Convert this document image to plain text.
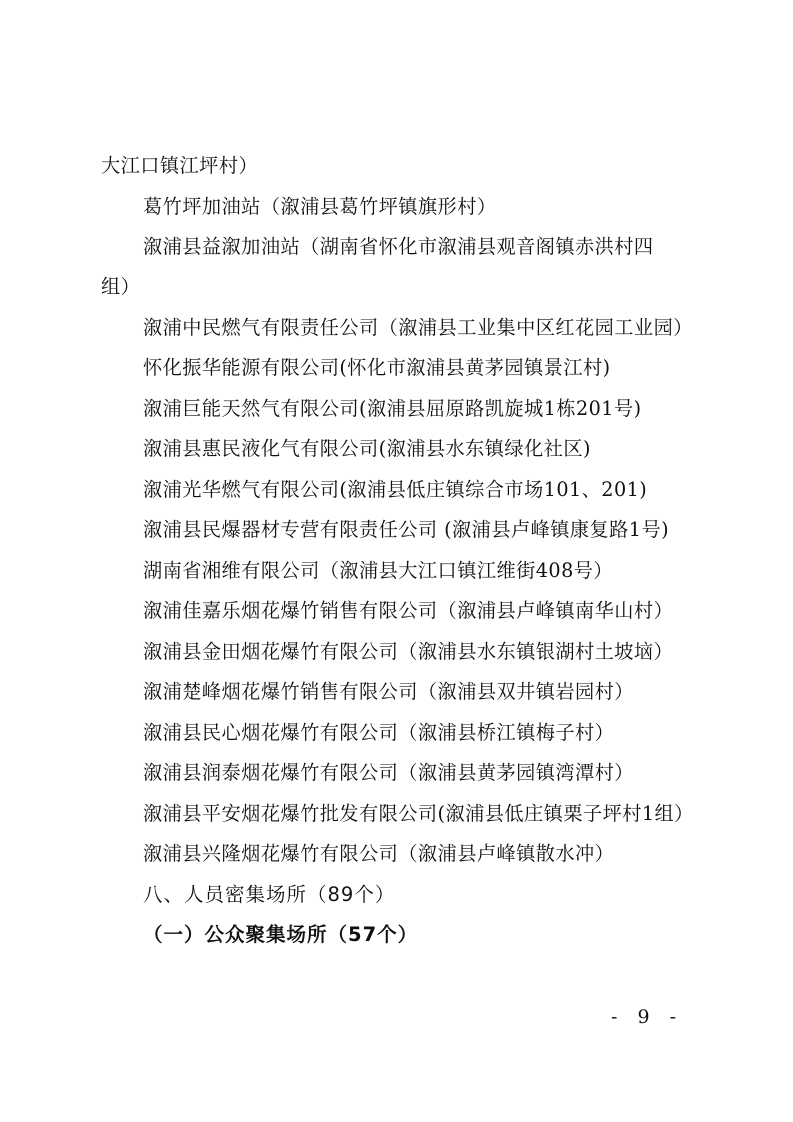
大江口镇江坪村）
葛竹坪加油站（溆浦县葛竹坪镇旗形村）
溆浦县益溆加油站（湖南省怀化市溆浦县观音阁镇赤洪村四
组）
溆浦中民燃气有限责任公司（溆浦县工业集中区红花园工业园）
怀化振华能源有限公司(怀化市溆浦县黄茅园镇景江村)
溆浦巨能天然气有限公司(溆浦县屈原路凯旋城1栋201号)
溆浦县惠民液化气有限公司(溆浦县水东镇绿化社区)
溆浦光华燃气有限公司(溆浦县低庄镇综合市场101、201)
溆浦县民爆器材专营有限责任公司 (溆浦县卢峰镇康复路1号)
湖南省湘维有限公司（溆浦县大江口镇江维街408号）
溆浦佳嘉乐烟花爆竹销售有限公司（溆浦县卢峰镇南华山村）
溆浦县金田烟花爆竹有限公司（溆浦县水东镇银湖村土坡垴）
溆浦楚峰烟花爆竹销售有限公司（溆浦县双井镇岩园村）
溆浦县民心烟花爆竹有限公司（溆浦县桥江镇梅子村）
溆浦县润泰烟花爆竹有限公司（溆浦县黄茅园镇湾潭村）
溆浦县平安烟花爆竹批发有限公司(溆浦县低庄镇栗子坪村1组）
溆浦县兴隆烟花爆竹有限公司（溆浦县卢峰镇散水冲）
八、人员密集场所（89个）
（一）公众聚集场所（57个）
- 9 -
